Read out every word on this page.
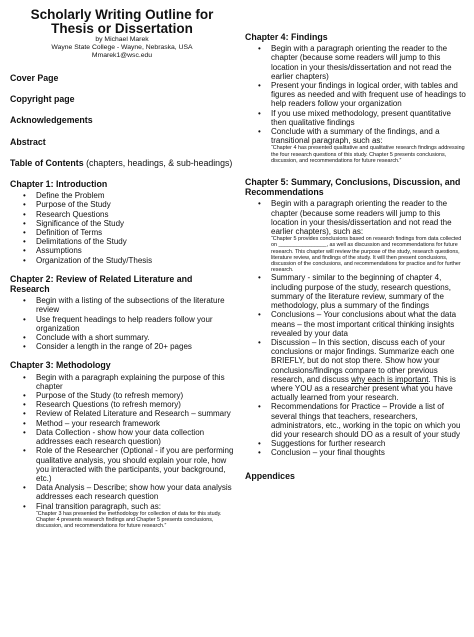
Scholarly Writing Outline for
Thesis or Dissertation
by Michael Marek
Wayne State College - Wayne, Nebraska, USA
Mmarek1@wsc.edu
Cover Page
Copyright page
Acknowledgements
Abstract
Table of Contents (chapters, headings, & sub-headings)
Chapter 1: Introduction
• Define the Problem
• Purpose of the Study
• Research Questions
• Significance of the Study
• Definition of Terms
• Delimitations of the Study
• Assumptions
• Organization of the Study/Thesis
Chapter 2: Review of Related Literature and Research
• Begin with a listing of the subsections of the literature review
• Use frequent headings to help readers follow your organization
• Conclude with a short summary.
• Consider a length in the range of 20+ pages
Chapter 3: Methodology
• Begin with a paragraph explaining the purpose of this chapter
• Purpose of the Study (to refresh memory)
• Research Questions (to refresh memory)
• Review of Related Literature and Research – summary
• Method – your research framework
• Data Collection - show how your data collection addresses each research question)
• Role of the Researcher (Optional - if you are performing qualitative analysis, you should explain your role, how you interacted with the participants, your background, etc.)
• Data Analysis – Describe; show how your data analysis addresses each research question
• Final transition paragraph, such as:
“Chapter 3 has presented the methodology for collection of data for this study. Chapter 4 presents research findings and Chapter 5 presents conclusions, discussion, and recommendations for future research.”
Chapter 4: Findings
• Begin with a paragraph orienting the reader to the chapter (because some readers will jump to this location in your thesis/dissertation and not read the earlier chapters)
• Present your findings in logical order, with tables and figures as needed and with frequent use of headings to help readers follow your organization
• If you use mixed methodology, present quantitative then qualitative findings
• Conclude with a summary of the findings, and a transitional paragraph, such as:
“Chapter 4 has presented qualitative and qualitative research findings addressing the four research questions of this study. Chapter 5 presents conclusions, discussion, and recommendations for future research.”
Chapter 5: Summary, Conclusions, Discussion, and Recommendations
• Begin with a paragraph orienting the reader to the chapter (because some readers will jump to this location in your thesis/dissertation and not read the earlier chapters), such as:
“Chapter 5 provides conclusions based on research findings from data collected on ________________, as well as discussion and recommendations for future research. This chapter will review the purpose of the study, research questions, literature review, and findings of the study. It will then present conclusions, discussion of the conclusions, and recommendations for practice and for further research.
• Summary - similar to the beginning of chapter 4, including purpose of the study, research questions, summary of the literature review, summary of the methodology, plus a summary of the findings
• Conclusions – Your conclusions about what the data means – the most important critical thinking insights revealed by your data
• Discussion – In this section, discuss each of your conclusions or major findings. Summarize each one BRIEFLY, but do not stop there. Show how your conclusions/findings compare to other previous research, and discuss why each is important. This is where YOU as a researcher present what you have actually learned from your research.
• Recommendations for Practice – Provide a list of several things that teachers, researchers, administrators, etc., working in the topic on which you did your research should DO as a result of your study
• Suggestions for further research
• Conclusion – your final thoughts
Appendices
